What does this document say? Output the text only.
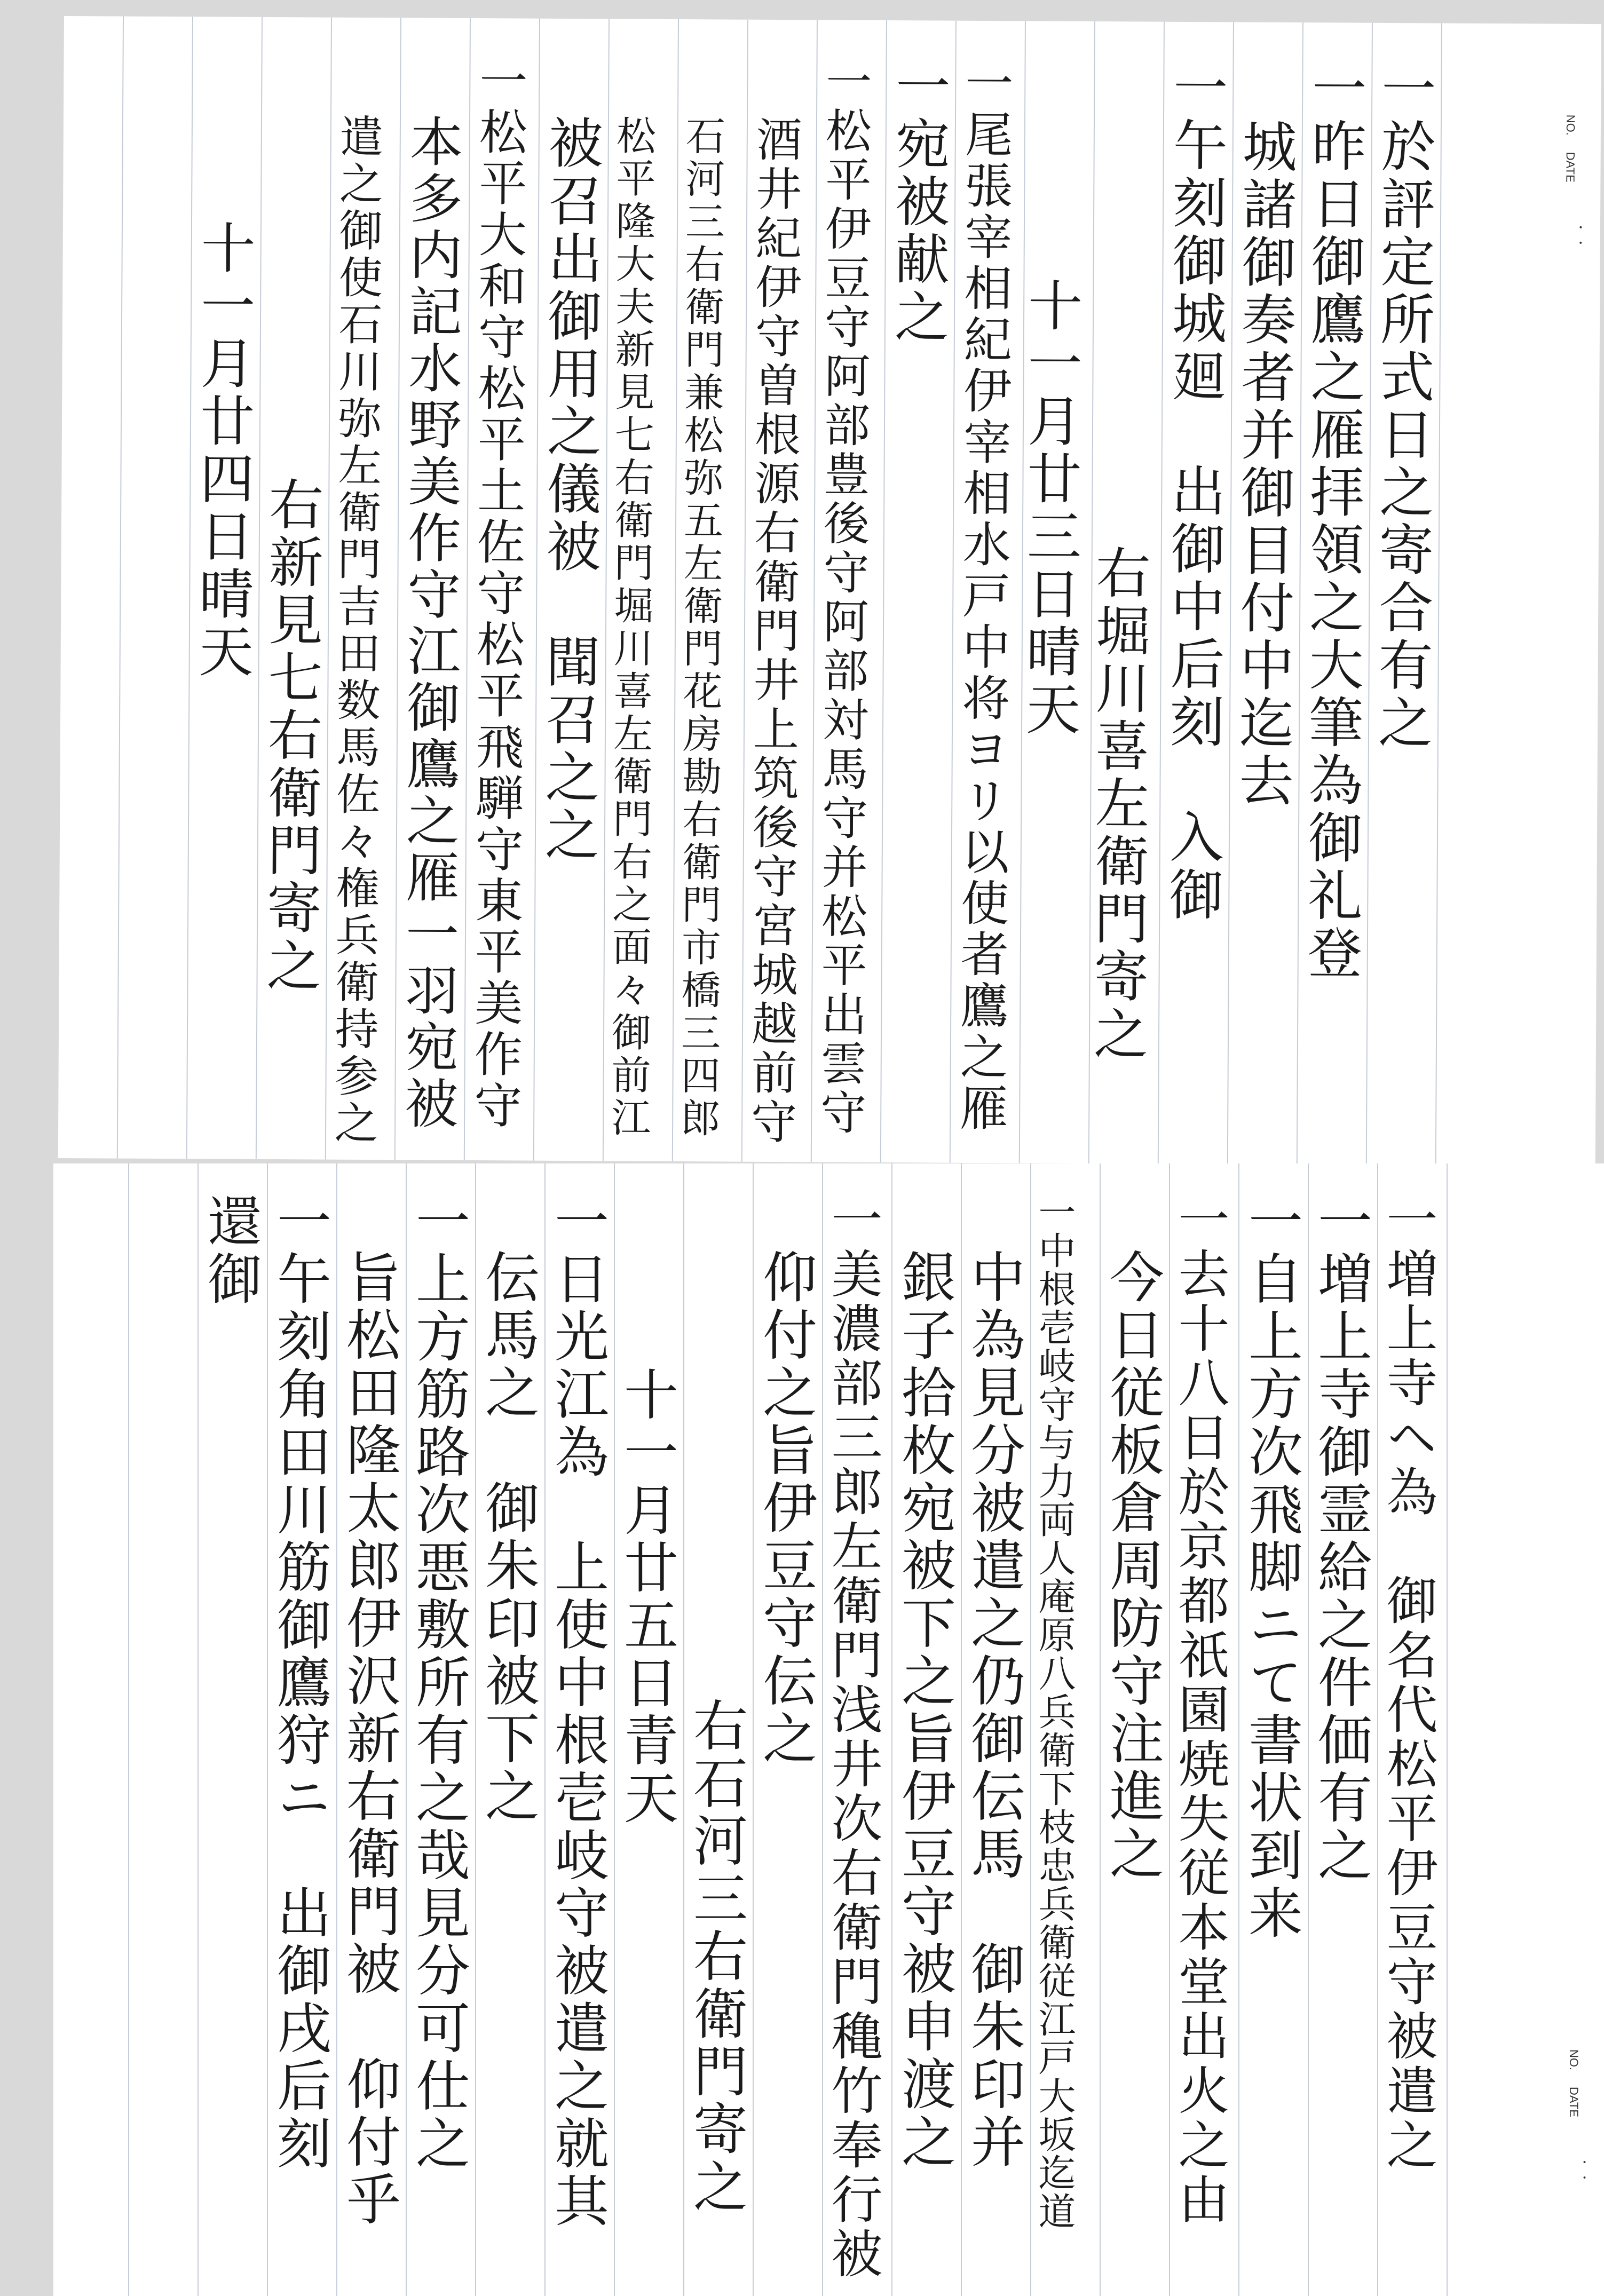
NO.
DATE
・ ・
一於評定所式日之寄合有之
一昨日御鷹之雁拝領之大筆為御礼登
城諸御奏者并御目付中迄去
一午刻御城廻　出御中后刻　入御
右堀川喜左衛門寄之
十一月廿三日晴天
一尾張宰相紀伊宰相水戸中将ヨリ以使者鷹之雁
一宛被献之
一松平伊豆守阿部豊後守阿部対馬守并松平出雲守
酒井紀伊守曽根源右衛門井上筑後守宮城越前守
石河三右衛門兼松弥五左衛門花房勘右衛門市橋三四郎
松平隆大夫新見七右衛門堀川喜左衛門右之面々御前江
被召出御用之儀被　聞召之之
一松平大和守松平土佐守松平飛騨守東平美作守
本多内記水野美作守江御鷹之雁一羽宛被
遣之御使石川弥左衛門吉田数馬佐々権兵衛持参之
右新見七右衛門寄之
十一月廿四日晴天
NO.
DATE
・ ・
一増上寺ヘ為　御名代松平伊豆守被遣之
一増上寺御霊給之件価有之
一自上方次飛脚ニて書状到来
一去十八日於京都祇園焼失従本堂出火之由
今日従板倉周防守注進之
一中根壱岐守与力両人庵原八兵衛下枝忠兵衛従江戸大坂迄道
中為見分被遣之仍御伝馬　御朱印并
銀子拾枚宛被下之旨伊豆守被申渡之
一美濃部三郎左衛門浅井次右衛門穐竹奉行被
仰付之旨伊豆守伝之
右石河三右衛門寄之
十一月廿五日青天
一日光江為　上使中根壱岐守被遣之就其
伝馬之　御朱印被下之
一上方筋路次悪敷所有之哉見分可仕之
旨松田隆太郎伊沢新右衛門被　仰付乎
一午刻角田川筋御鷹狩ニ　出御戌后刻
還御
